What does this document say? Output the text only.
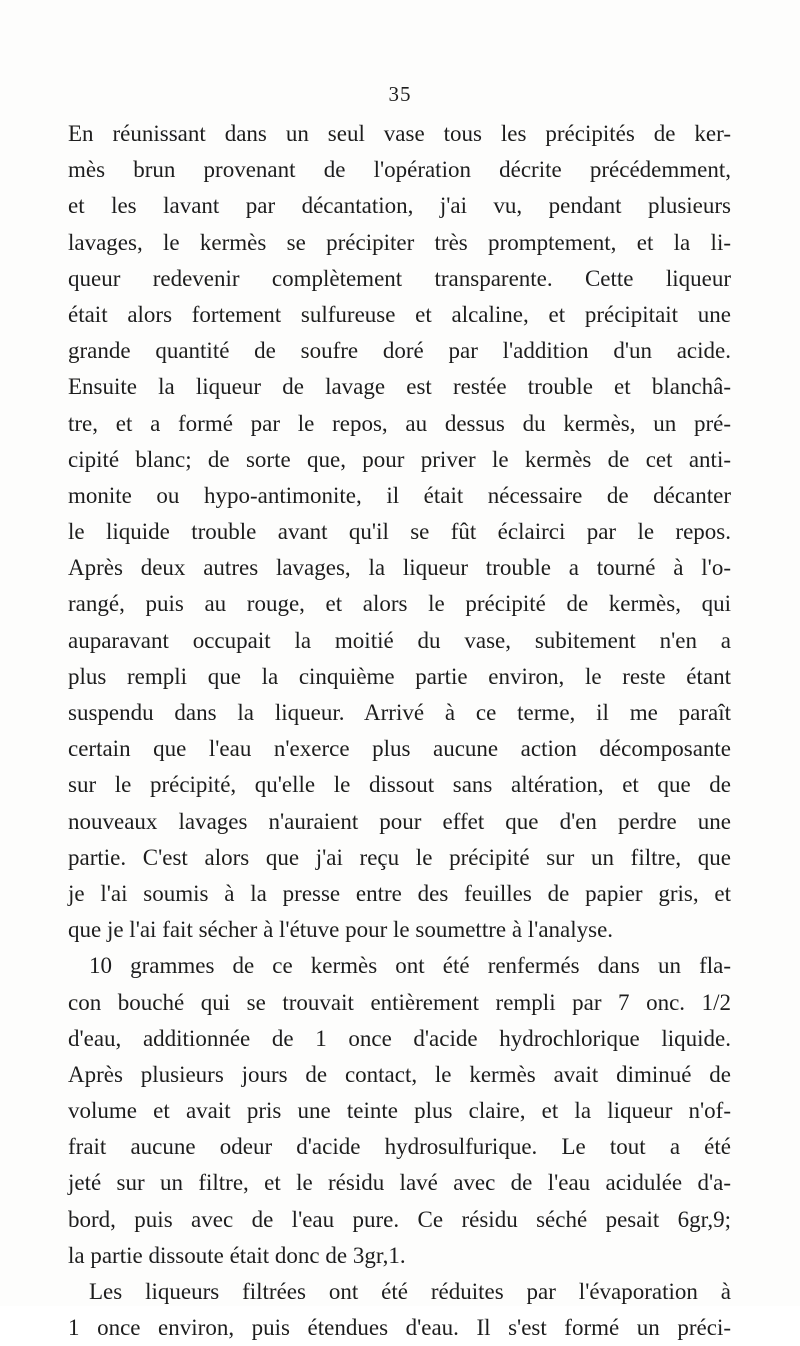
35
En réunissant dans un seul vase tous les précipités de ker-
mès brun provenant de l'opération décrite précédemment,
et les lavant par décantation, j'ai vu, pendant plusieurs
lavages, le kermès se précipiter très promptement, et la li-
queur redevenir complètement transparente. Cette liqueur
était alors fortement sulfureuse et alcaline, et précipitait une
grande quantité de soufre doré par l'addition d'un acide.
Ensuite la liqueur de lavage est restée trouble et blanchâ-
tre, et a formé par le repos, au dessus du kermès, un pré-
cipité blanc; de sorte que, pour priver le kermès de cet anti-
monite ou hypo-antimonite, il était nécessaire de décanter
le liquide trouble avant qu'il se fût éclairci par le repos.
Après deux autres lavages, la liqueur trouble a tourné à l'o-
rangé, puis au rouge, et alors le précipité de kermès, qui
auparavant occupait la moitié du vase, subitement n'en a
plus rempli que la cinquième partie environ, le reste étant
suspendu dans la liqueur. Arrivé à ce terme, il me paraît
certain que l'eau n'exerce plus aucune action décomposante
sur le précipité, qu'elle le dissout sans altération, et que de
nouveaux lavages n'auraient pour effet que d'en perdre une
partie. C'est alors que j'ai reçu le précipité sur un filtre, que
je l'ai soumis à la presse entre des feuilles de papier gris, et
que je l'ai fait sécher à l'étuve pour le soumettre à l'analyse.
10 grammes de ce kermès ont été renfermés dans un fla-
con bouché qui se trouvait entièrement rempli par 7 onc. 1/2
d'eau, additionnée de 1 once d'acide hydrochlorique liquide.
Après plusieurs jours de contact, le kermès avait diminué de
volume et avait pris une teinte plus claire, et la liqueur n'of-
frait aucune odeur d'acide hydrosulfurique. Le tout a été
jeté sur un filtre, et le résidu lavé avec de l'eau acidulée d'a-
bord, puis avec de l'eau pure. Ce résidu séché pesait 6gr,9;
la partie dissoute était donc de 3gr,1.
Les liqueurs filtrées ont été réduites par l'évaporation à
1 once environ, puis étendues d'eau. Il s'est formé un préci-
